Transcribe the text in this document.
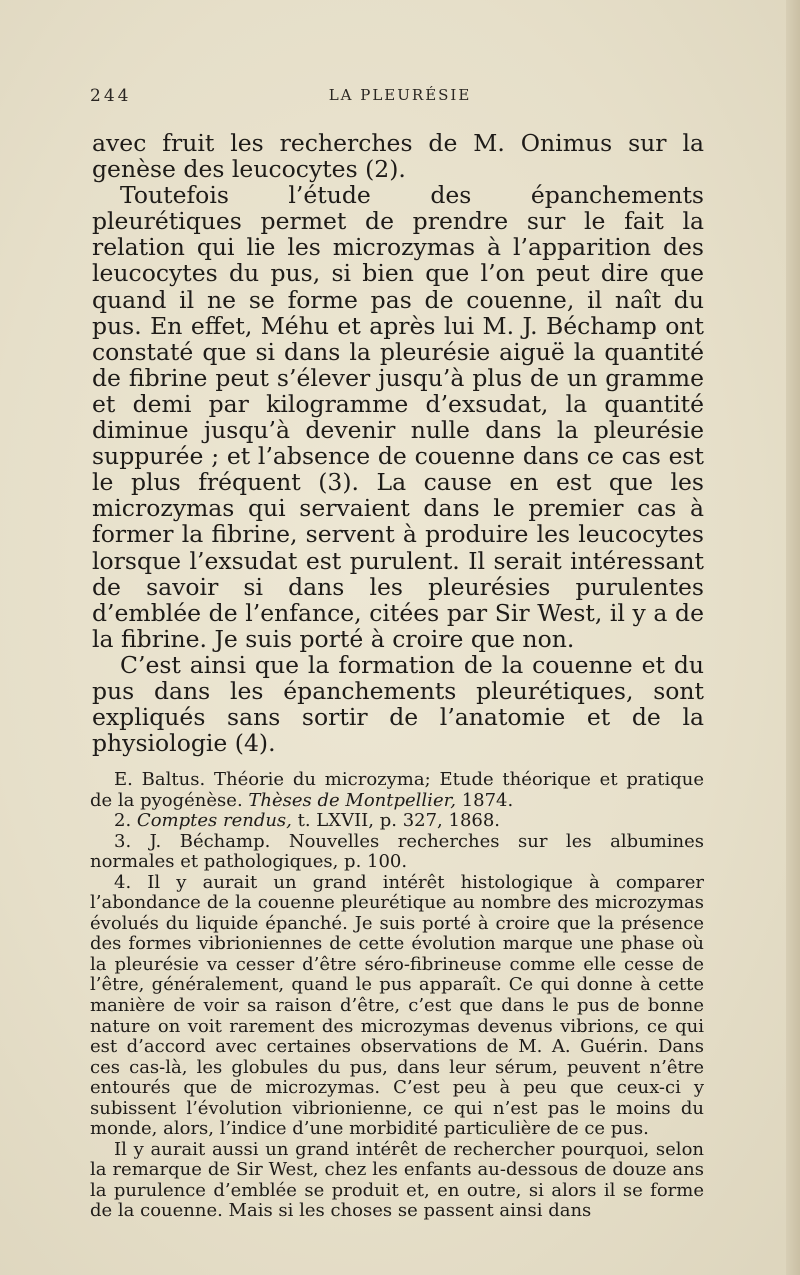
244	LA PLEURÉSIE

avec fruit les recherches de M. Onimus sur la genèse des leucocytes (2).

Toutefois l’étude des épanchements pleurétiques permet de prendre sur le fait la relation qui lie les microzymas à l’apparition des leucocytes du pus, si bien que l’on peut dire que quand il ne se forme pas de couenne, il naît du pus. En effet, Méhu et après lui M. J. Béchamp ont constaté que si dans la pleurésie aiguë la quantité de fibrine peut s’élever jusqu’à plus de un gramme et demi par kilogramme d’exsudat, la quantité diminue jusqu’à devenir nulle dans la pleurésie suppurée ; et l’absence de couenne dans ce cas est le plus fréquent (3). La cause en est que les microzymas qui servaient dans le premier cas à former la fibrine, servent à produire les leucocytes lorsque l’exsudat est purulent. Il serait intéressant de savoir si dans les pleurésies purulentes d’emblée de l’enfance, citées par Sir West, il y a de la fibrine. Je suis porté à croire que non.

C’est ainsi que la formation de la couenne et du pus dans les épanchements pleurétiques, sont expliqués sans sortir de l’anatomie et de la physiologie (4).

E. Baltus. Théorie du microzyma; Etude théorique et pratique de la pyogénèse. Thèses de Montpellier, 1874.

2. Comptes rendus, t. LXVII, p. 327, 1868.

3. J. Béchamp. Nouvelles recherches sur les albumines normales et pathologiques, p. 100.

4. Il y aurait un grand intérêt histologique à comparer l’abondance de la couenne pleurétique au nombre des microzymas évolués du liquide épanché. Je suis porté à croire que la présence des formes vibrioniennes de cette évolution marque une phase où la pleurésie va cesser d’être séro-fibrineuse comme elle cesse de l’être, généralement, quand le pus apparaît. Ce qui donne à cette manière de voir sa raison d’être, c’est que dans le pus de bonne nature on voit rarement des microzymas devenus vibrions, ce qui est d’accord avec certaines observations de M. A. Guérin. Dans ces cas-là, les globules du pus, dans leur sérum, peuvent n’être entourés que de microzymas. C’est peu à peu que ceux-ci y subissent l’évolution vibrionienne, ce qui n’est pas le moins du monde, alors, l’indice d’une morbidité particulière de ce pus.

Il y aurait aussi un grand intérêt de rechercher pourquoi, selon la remarque de Sir West, chez les enfants au-dessous de douze ans la purulence d’emblée se produit et, en outre, si alors il se forme de la couenne. Mais si les choses se passent ainsi dans
